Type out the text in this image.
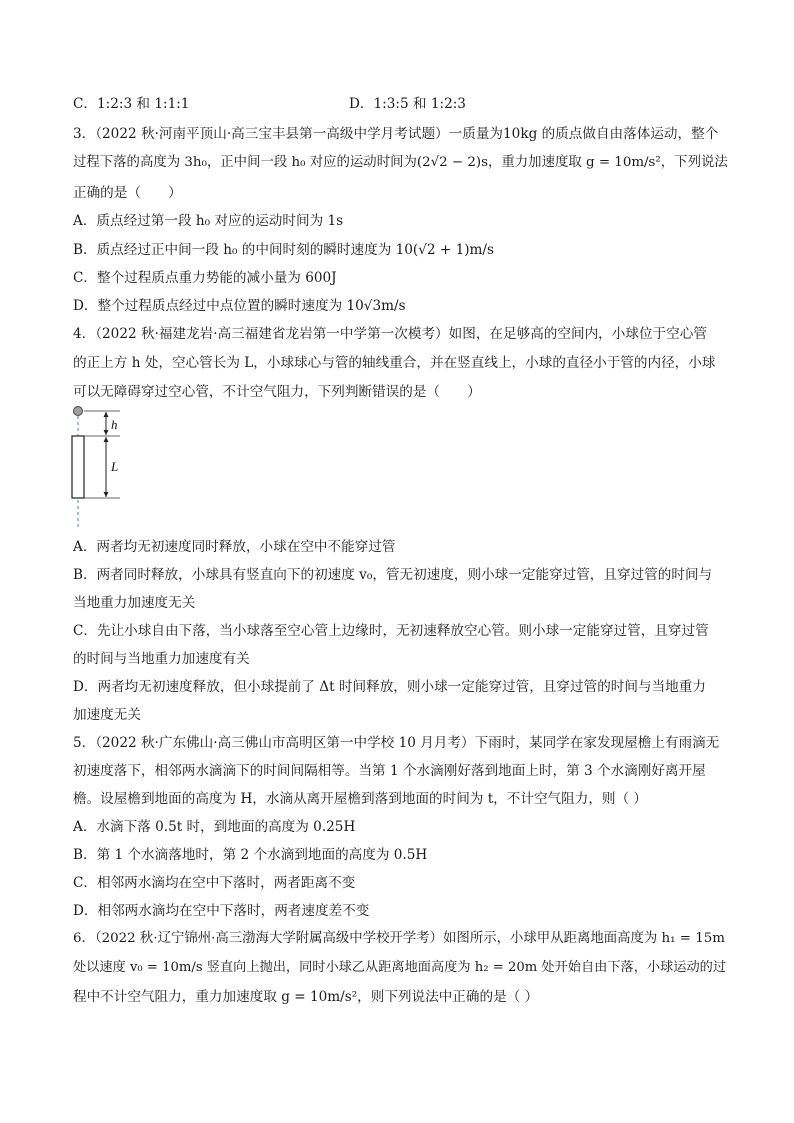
C．1:2:3 和 1:1:1	D．1:3:5 和 1:2:3
3．（2022 秋·河南平顶山·高三宝丰县第一高级中学月考试题）一质量为10kg 的质点做自由落体运动，整个
过程下落的高度为 3h₀，正中间一段 h₀ 对应的运动时间为(2√2 − 2)s，重力加速度取 g = 10m/s²，下列说法
正确的是（　　）
A．质点经过第一段 h₀ 对应的运动时间为 1s
B．质点经过正中间一段 h₀ 的中间时刻的瞬时速度为 10(√2 + 1)m/s
C．整个过程质点重力势能的减小量为 600J
D．整个过程质点经过中点位置的瞬时速度为 10√3m/s
4．（2022 秋·福建龙岩·高三福建省龙岩第一中学第一次模考）如图，在足够高的空间内，小球位于空心管
的正上方 h 处，空心管长为 L，小球球心与管的轴线重合，并在竖直线上，小球的直径小于管的内径，小球
可以无障碍穿过空心管，不计空气阻力，下列判断错误的是（　　）
h
L
A．两者均无初速度同时释放，小球在空中不能穿过管
B．两者同时释放，小球具有竖直向下的初速度 v₀，管无初速度，则小球一定能穿过管，且穿过管的时间与
当地重力加速度无关
C．先让小球自由下落，当小球落至空心管上边缘时，无初速释放空心管。则小球一定能穿过管，且穿过管
的时间与当地重力加速度有关
D．两者均无初速度释放，但小球提前了 Δt 时间释放，则小球一定能穿过管，且穿过管的时间与当地重力
加速度无关
5．（2022 秋·广东佛山·高三佛山市高明区第一中学校 10 月月考）下雨时，某同学在家发现屋檐上有雨滴无
初速度落下，相邻两水滴滴下的时间间隔相等。当第 1 个水滴刚好落到地面上时，第 3 个水滴刚好离开屋
檐。设屋檐到地面的高度为 H，水滴从离开屋檐到落到地面的时间为 t，不计空气阻力，则（ ）
A．水滴下落 0.5t 时，到地面的高度为 0.25H
B．第 1 个水滴落地时，第 2 个水滴到地面的高度为 0.5H
C．相邻两水滴均在空中下落时，两者距离不变
D．相邻两水滴均在空中下落时，两者速度差不变
6．（2022 秋·辽宁锦州·高三渤海大学附属高级中学校开学考）如图所示，小球甲从距离地面高度为 h₁ = 15m
处以速度 v₀ = 10m/s 竖直向上抛出，同时小球乙从距离地面高度为 h₂ = 20m 处开始自由下落，小球运动的过
程中不计空气阻力，重力加速度取 g = 10m/s²，则下列说法中正确的是（ ）
